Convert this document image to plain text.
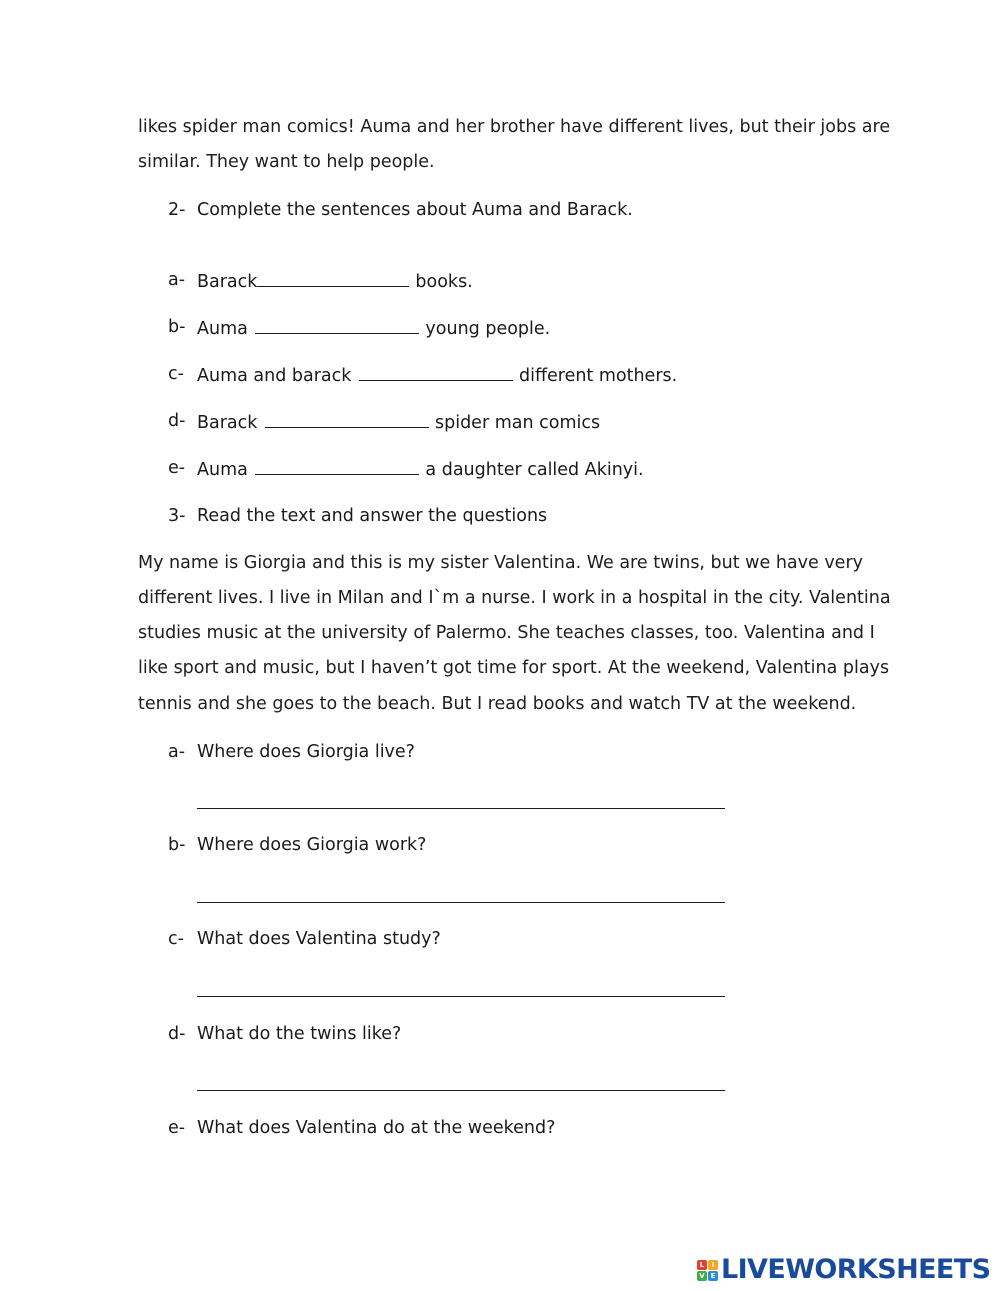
likes spider man comics! Auma and her brother have different lives, but their jobs are
similar. They want to help people.
2- Complete the sentences about Auma and Barack.
a- Barack	books.
b- Auma	young people.
c- Auma and barack	different mothers.
d- Barack	spider man comics
e- Auma	a daughter called Akinyi.
3- Read the text and answer the questions
My name is Giorgia and this is my sister Valentina. We are twins, but we have very
different lives. I live in Milan and I`m a nurse. I work in a hospital in the city. Valentina
studies music at the university of Palermo. She teaches classes, too. Valentina and I
like sport and music, but I haven’t got time for sport. At the weekend, Valentina plays
tennis and she goes to the beach. But I read books and watch TV at the weekend.
a- Where does Giorgia live?
b- Where does Giorgia work?
c- What does Valentina study?
d- What do the twins like?
e- What does Valentina do at the weekend?
L	I
V E LIVEWORKSHEETS
